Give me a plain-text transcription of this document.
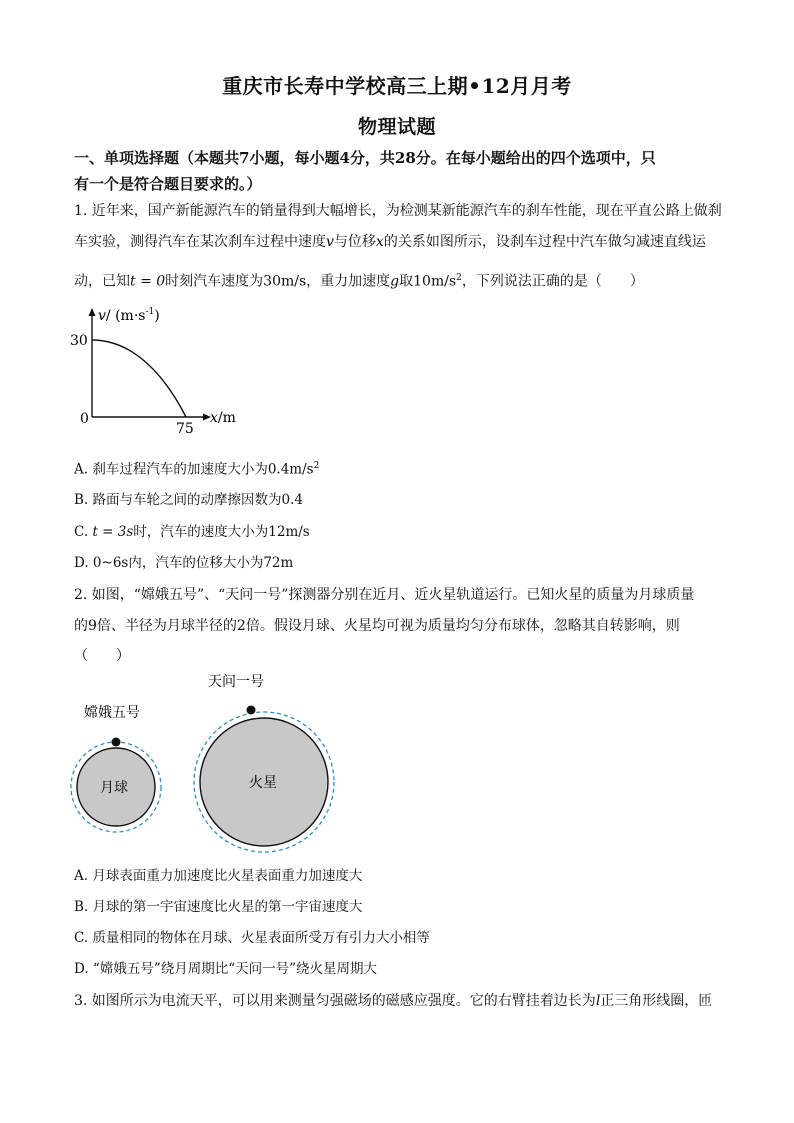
重庆市长寿中学校高三上期•12月月考
物理试题
一、单项选择题（本题共7小题，每小题4分，共28分。在每小题给出的四个选项中，只
有一个是符合题目要求的。）
1. 近年来，国产新能源汽车的销量得到大幅增长，为检测某新能源汽车的刹车性能，现在平直公路上做刹
车实验，测得汽车在某次刹车过程中速度v与位移x的关系如图所示，设刹车过程中汽车做匀减速直线运
动，已知t = 0时刻汽车速度为30m/s，重力加速度g取$10m/s^2$，下列说法正确的是（　　）
v/ $(m\cdot s^{-1})$
30
0
75
x/m
A. 刹车过程汽车的加速度大小为$0.4m/s^2$
B. 路面与车轮之间的动摩擦因数为0.4
C. t = 3s时，汽车的速度大小为12m/s
D. 0~6s内，汽车的位移大小为72m
2. 如图，“嫦娥五号”、“天问一号”探测器分别在近月、近火星轨道运行。已知火星的质量为月球质量
的9倍、半径为月球半径的2倍。假设月球、火星均可视为质量均匀分布球体，忽略其自转影响，则
（　　）
月球
嫦娥五号
火星
天问一号
A. 月球表面重力加速度比火星表面重力加速度大
B. 月球的第一宇宙速度比火星的第一宇宙速度大
C. 质量相同的物体在月球、火星表面所受万有引力大小相等
D. “嫦娥五号”绕月周期比“天问一号”绕火星周期大
3. 如图所示为电流天平，可以用来测量匀强磁场的磁感应强度。它的右臂挂着边长为l正三角形线圈，匝
